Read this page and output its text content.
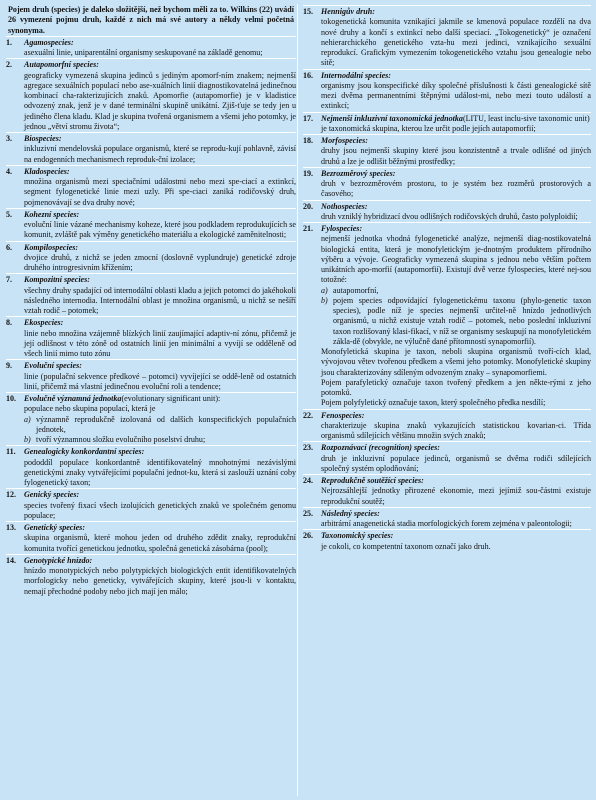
Pojem druh (species) je daleko složitější, než bychom měli za to. Wilkins (22) uvádí 26 vymezení pojmu druh, každé z nich má své autory a někdy velmi početná synonyma.
1.	Agamospecies :
asexuální linie, uniparentální organismy seskupované na základě genomu;
2.	Autapomorfní species :
geograficky vymezená skupina jedinců s jediným apomorf-ním znakem; nejmenší agregace sexuálních populací nebo ase-xuálních linií diagnostikovatelná jedinečnou kombinací cha-rakterizujících znaků. Apomorfie (autapomorfie) je v kladistice odvozený znak, jenž je v dané terminální skupině unikátní. Zjiš-ťuje se tedy jen u jediného člena kladu. Klad je skupina tvořená organismem a všemi jeho potomky, je jednou „větví stromu života“;
3.	Biospecies :
inkluzivní mendelovská populace organismů, které se reprodu-kují pohlavně, závisí na endogenních mechanismech reproduk-ční izolace;
4.	Kladospecies :
množina organismů mezi speciačními událostmi nebo mezi spe-ciací a extinkcí, segment fylogenetické linie mezi uzly. Při spe-ciaci zaniká rodičovský druh, pojmenovávají se dva druhy nové;
5.	Kohezní species :
evoluční linie vázané mechanismy koheze, které jsou podkladem reprodukujících se komunit, zvláště pak výměny genetického materiálu a ekologické zaměnitelnosti;
6.	Kompilospecies :
dvojice druhů, z nichž se jeden zmocní (doslovně vyplundruje) genetické zdroje druhého introgresivním křížením;
7.	Kompozitní species :
všechny druhy spadající od internodální oblasti kladu a jejich potomci do jakéhokoli následného internodia. Internodální oblast je množina organismů, u nichž se nešíří vztah rodič – potomek;
8.	Ekospecies :
linie nebo množina vzájemně blízkých linií zaujímající adaptiv-ní zónu, přičemž je její odlišnost v této zóně od ostatních linií jen minimální a vyvíjí se odděleně od všech linií mimo tuto zónu
9.	Evoluční species :
linie (populační sekvence předkové – potomci) vyvíjející se oddě-leně od ostatních linií, přičemž má vlastní jedinečnou evoluční roli a tendence;
10. Evolučně významná jednotka (evolutionary significant unit):
populace nebo skupina populací, která je
a) významně reprodukčně izolovaná od dalších konspecifických populačních jednotek,
b) tvoří významnou složku evolučního poselství druhu;
11.	Genealogicky konkordantní species :
pododdíl populace konkordantně identifikovatelný mnohotnými nezávislými genetickými znaky vytvářejícími populační jednot-ku, která si zaslouží uznání coby fylogenetický taxon;
12. Genický species :
species tvořený fixací všech izolujících genetických znaků ve společném genomu populace;
13. Genetický species :
skupina organismů, které mohou jeden od druhého zdědit znaky, reprodukční komunita tvořící genetickou jednotku, společná genetická zásobárna (pool);
14. Genotypické hnízdo :
hnízdo monotypických nebo polytypických biologických entit identifikovatelných morfologicky nebo geneticky, vytvářejících skupiny, které jsou-li v kontaktu, nemají přechodné podoby nebo jich mají jen málo;
15. Hennigův druh :
tokogenetická komunita vznikající jakmile se kmenová populace rozdělí na dva nové druhy a končí s extinkcí nebo další speciací. „Tokogenetický“ je označení nehierarchického genetického vzta-hu mezi jedinci, vznikajícího sexuální reprodukcí. Grafickým vymezením tokogenetického vztahu jsou genealogie nebo sítě;
16. Internodální species :
organismy jsou konspecifické díky společné příslušnosti k části genealogické sítě mezi dvěma permanentními štěpnými událost-mi, nebo mezi touto událostí a extinkcí;
17. Nejmenší inkluzivní taxonomická jednotka (LITU, least inclu-sive taxonomic unit)
je taxonomická skupina, kterou lze určit podle jejích autapomorfií;
18. Morfospecies :
druhy jsou nejmenší skupiny které jsou konzistentně a trvale odlišné od jiných druhů a lze je odlišit běžnými prostředky;
19. Bezrozměrový species :
druh v bezrozměrovém prostoru, to je systém bez rozměrů prostorových a časového;
20. Nothospecies :
druh vzniklý hybridizací dvou odlišných rodičovských druhů, často polyploidií;
21. Fylospecies :
nejmenší jednotka vhodná fylogenetické analýze, nejmenší diag-nostikovatelná biologická entita, která je monofyletickým je-dnotným produktem přírodního výběru a vývoje. Geograficky vymezená skupina s jednou nebo větším počtem unikátních apo-morfií (autapomorfií). Existují dvě verze fylospecies, které nej-sou totožné:
a) autapomorfní,
b) pojem species odpovídající fylogenetickému taxonu (phylo-genetic taxon species), podle níž je species nejmenší určitel-ně hnízdo jednotlivých organismů, u nichž existuje vztah rodič – potomek, nebo poslední inkluzivní taxon rozlišovaný klasi-fikací, v níž se organismy seskupují na monofyletickém zákla-dě (obvykle, ne výlučně dané přítomností synapomorfií).
Monofyletická skupina je taxon, neboli skupina organismů tvoří-cích klad, vývojovou větev tvořenou předkem a všemi jeho potomky. Monofyletické skupiny jsou charakterizovány sdíleným odvozeným znaky – synapomorfiemi.
Pojem parafyletický označuje taxon tvořený předkem a jen někte-rými z jeho potomků.
Pojem polyfyletický označuje taxon, který společného předka nesdílí;
22. Fenospecies :
charakterizuje skupina znaků vykazujících statistickou kovarian-ci. Třída organismů sdílejících většinu množin svých znaků;
23. Rozpoznávací (recognition) species :
druh je inkluzivní populace jedinců, organismů se dvěma rodiči sdílejících společný systém oplodňování;
24. Reprodukčně soutěžící species :
Nejrozsáhlejší jednotky přirozené ekonomie, mezi jejímiž sou-částmi existuje reprodukční soutěž;
25. Následný species :
arbitrární anagenetická stadia morfologických forem zejména v paleontologii;
26. Taxonomický species :
je cokoli, co kompetentní taxonom označí jako druh.
